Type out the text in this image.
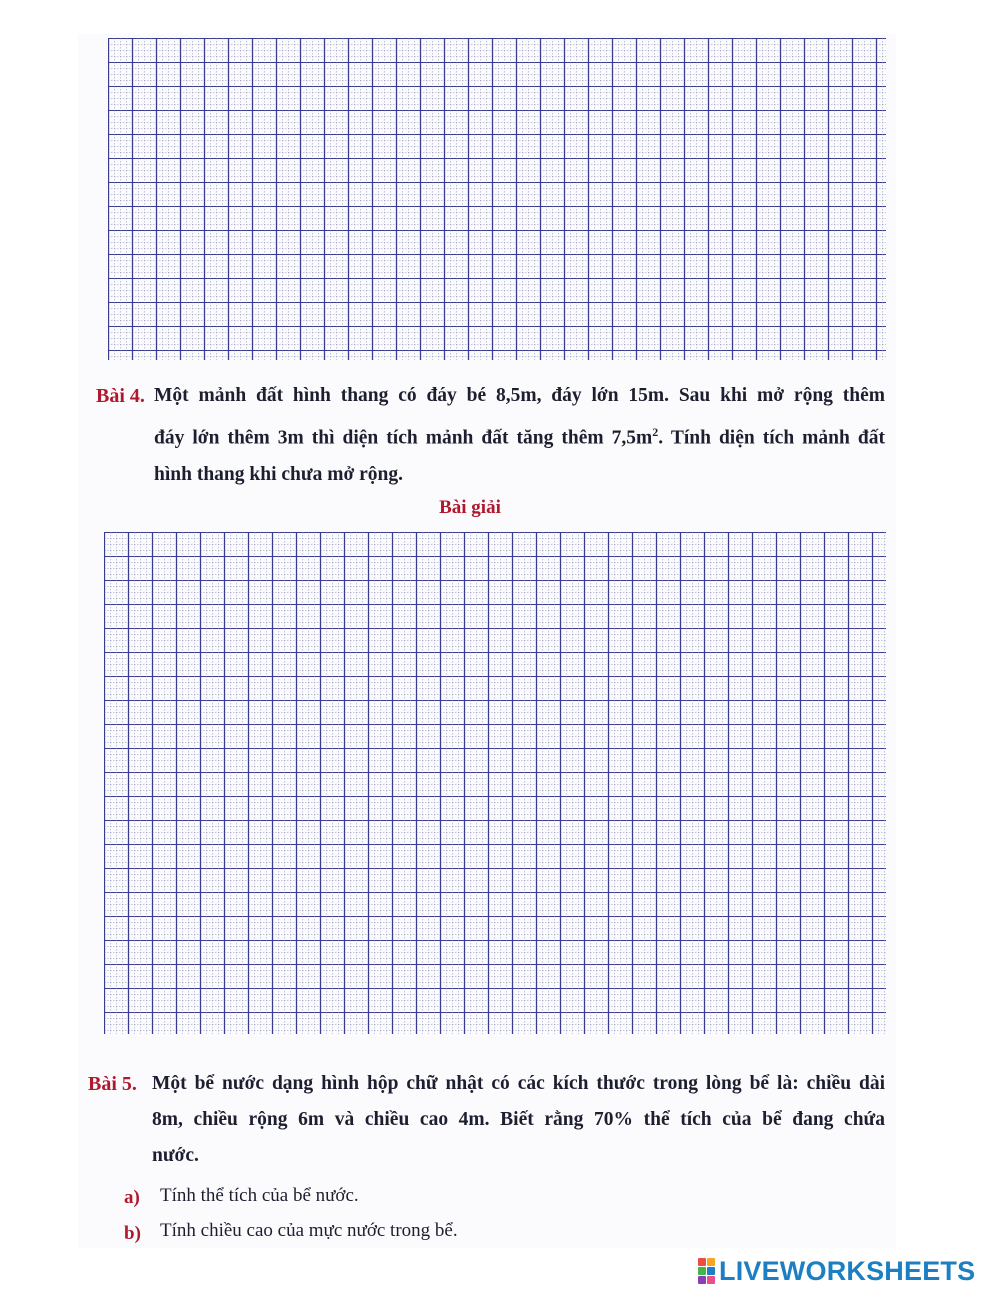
Bài 4. Một mảnh đất hình thang có đáy bé 8,5m, đáy lớn 15m. Sau khi mở rộng thêm
đáy lớn thêm 3m thì diện tích mảnh đất tăng thêm $7,5m^2$. Tính diện tích mảnh đất
hình thang khi chưa mở rộng.
Bài giải
Bài 5. Một bể nước dạng hình hộp chữ nhật có các kích thước trong lòng bể là: chiều dài
8m, chiều rộng 6m và chiều cao 4m. Biết rằng 70% thể tích của bể đang chứa
nước.
a) Tính thể tích của bể nước.
b) Tính chiều cao của mực nước trong bể.
LIVEWORKSHEETS
